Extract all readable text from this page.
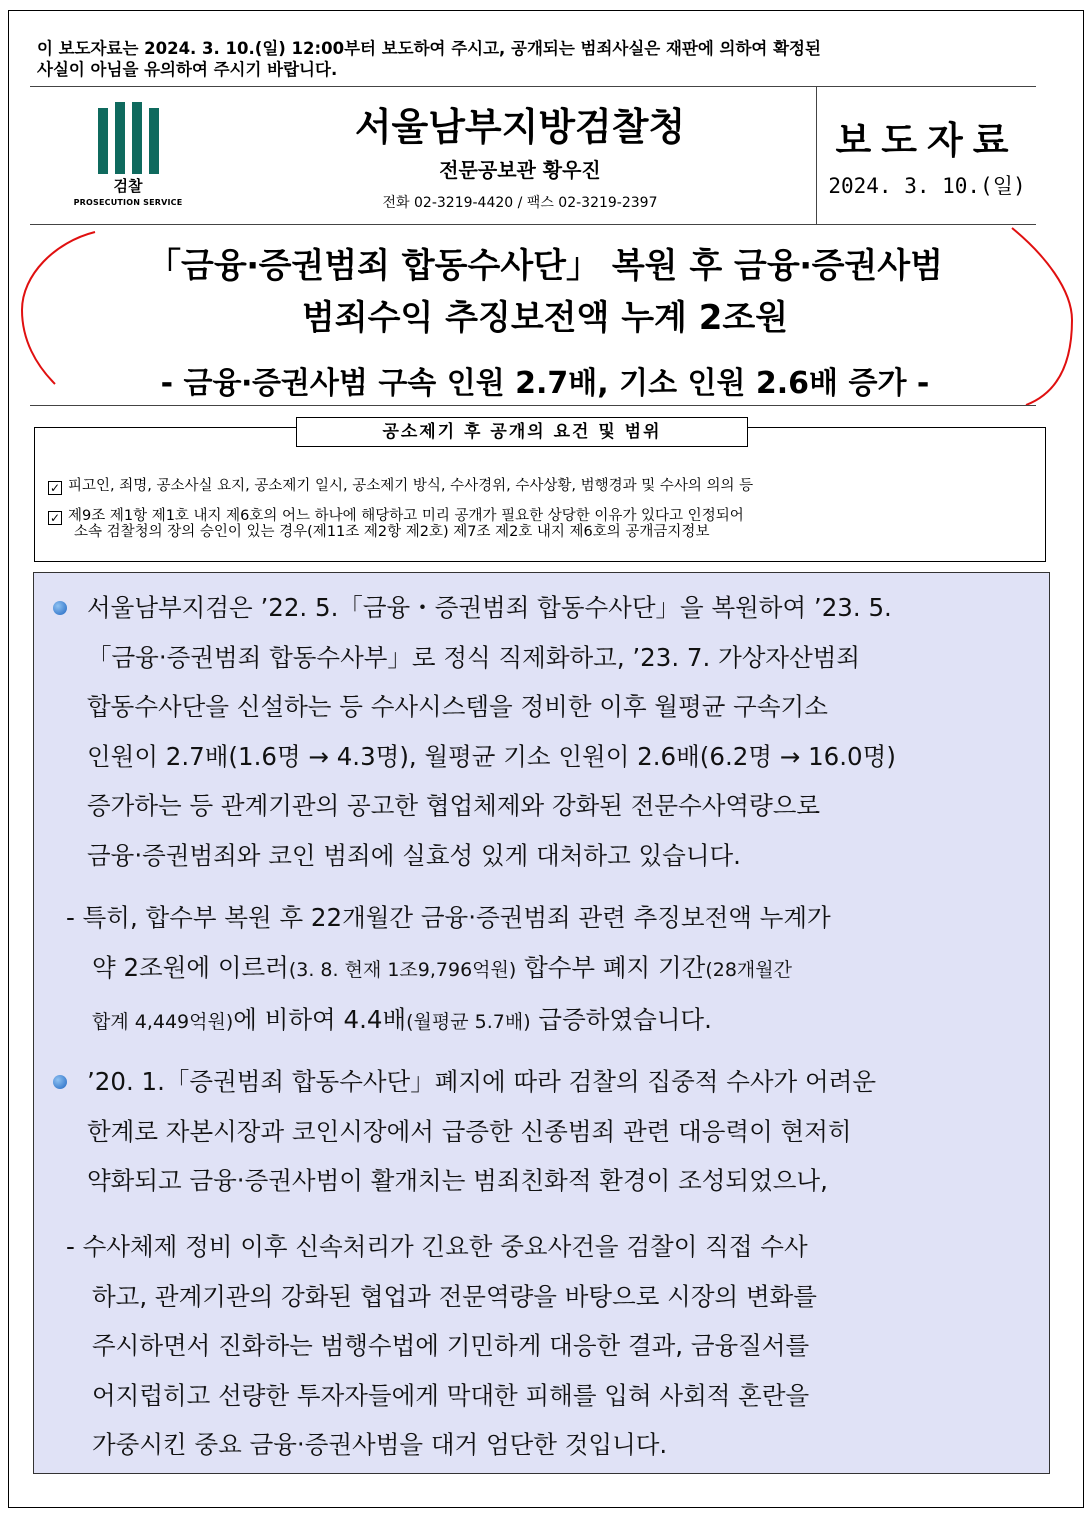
이 보도자료는 2024. 3. 10.(일) 12:00부터 보도하여 주시고, 공개되는 범죄사실은 재판에 의하여 확정된
사실이 아님을 유의하여 주시기 바랍니다.
검찰
PROSECUTION SERVICE
서울남부지방검찰청
전문공보관 황우진
전화 02-3219-4420 / 팩스 02-3219-2397
보도자료
2024. 3. 10.(일)
「금융‧증권범죄 합동수사단」 복원 후 금융‧증권사범
범죄수익 추징보전액 누계 2조원
- 금융‧증권사범 구속 인원 2.7배, 기소 인원 2.6배 증가 -
공소제기 후 공개의 요건 및 범위
✓ 피고인, 죄명, 공소사실 요지, 공소제기 일시, 공소제기 방식, 수사경위, 수사상황, 범행경과 및 수사의 의의 등
✓ 제9조 제1항 제1호 내지 제6호의 어느 하나에 해당하고 미리 공개가 필요한 상당한 이유가 있다고 인정되어
소속 검찰청의 장의 승인이 있는 경우(제11조 제2항 제2호) 제7조 제2호 내지 제6호의 공개금지정보
서울남부지검은 ’22. 5.「금융・증권범죄 합동수사단」을 복원하여 ’23. 5.
「금융‧증권범죄 합동수사부」로 정식 직제화하고, ’23. 7. 가상자산범죄
합동수사단을 신설하는 등 수사시스템을 정비한 이후 월평균 구속기소
인원이 2.7배(1.6명 → 4.3명), 월평균 기소 인원이 2.6배(6.2명 → 16.0명)
증가하는 등 관계기관의 공고한 협업체제와 강화된 전문수사역량으로
금융‧증권범죄와 코인 범죄에 실효성 있게 대처하고 있습니다.
- 특히, 합수부 복원 후 22개월간 금융‧증권범죄 관련 추징보전액 누계가
약 2조원에 이르러(3. 8. 현재 1조9,796억원) 합수부 폐지 기간(28개월간
합계 4,449억원)에 비하여 4.4배(월평균 5.7배) 급증하였습니다.
’20. 1.「증권범죄 합동수사단」폐지에 따라 검찰의 집중적 수사가 어려운
한계로 자본시장과 코인시장에서 급증한 신종범죄 관련 대응력이 현저히
약화되고 금융‧증권사범이 활개치는 범죄친화적 환경이 조성되었으나,
- 수사체제 정비 이후 신속처리가 긴요한 중요사건을 검찰이 직접 수사
하고, 관계기관의 강화된 협업과 전문역량을 바탕으로 시장의 변화를
주시하면서 진화하는 범행수법에 기민하게 대응한 결과, 금융질서를
어지럽히고 선량한 투자자들에게 막대한 피해를 입혀 사회적 혼란을
가중시킨 중요 금융‧증권사범을 대거 엄단한 것입니다.
